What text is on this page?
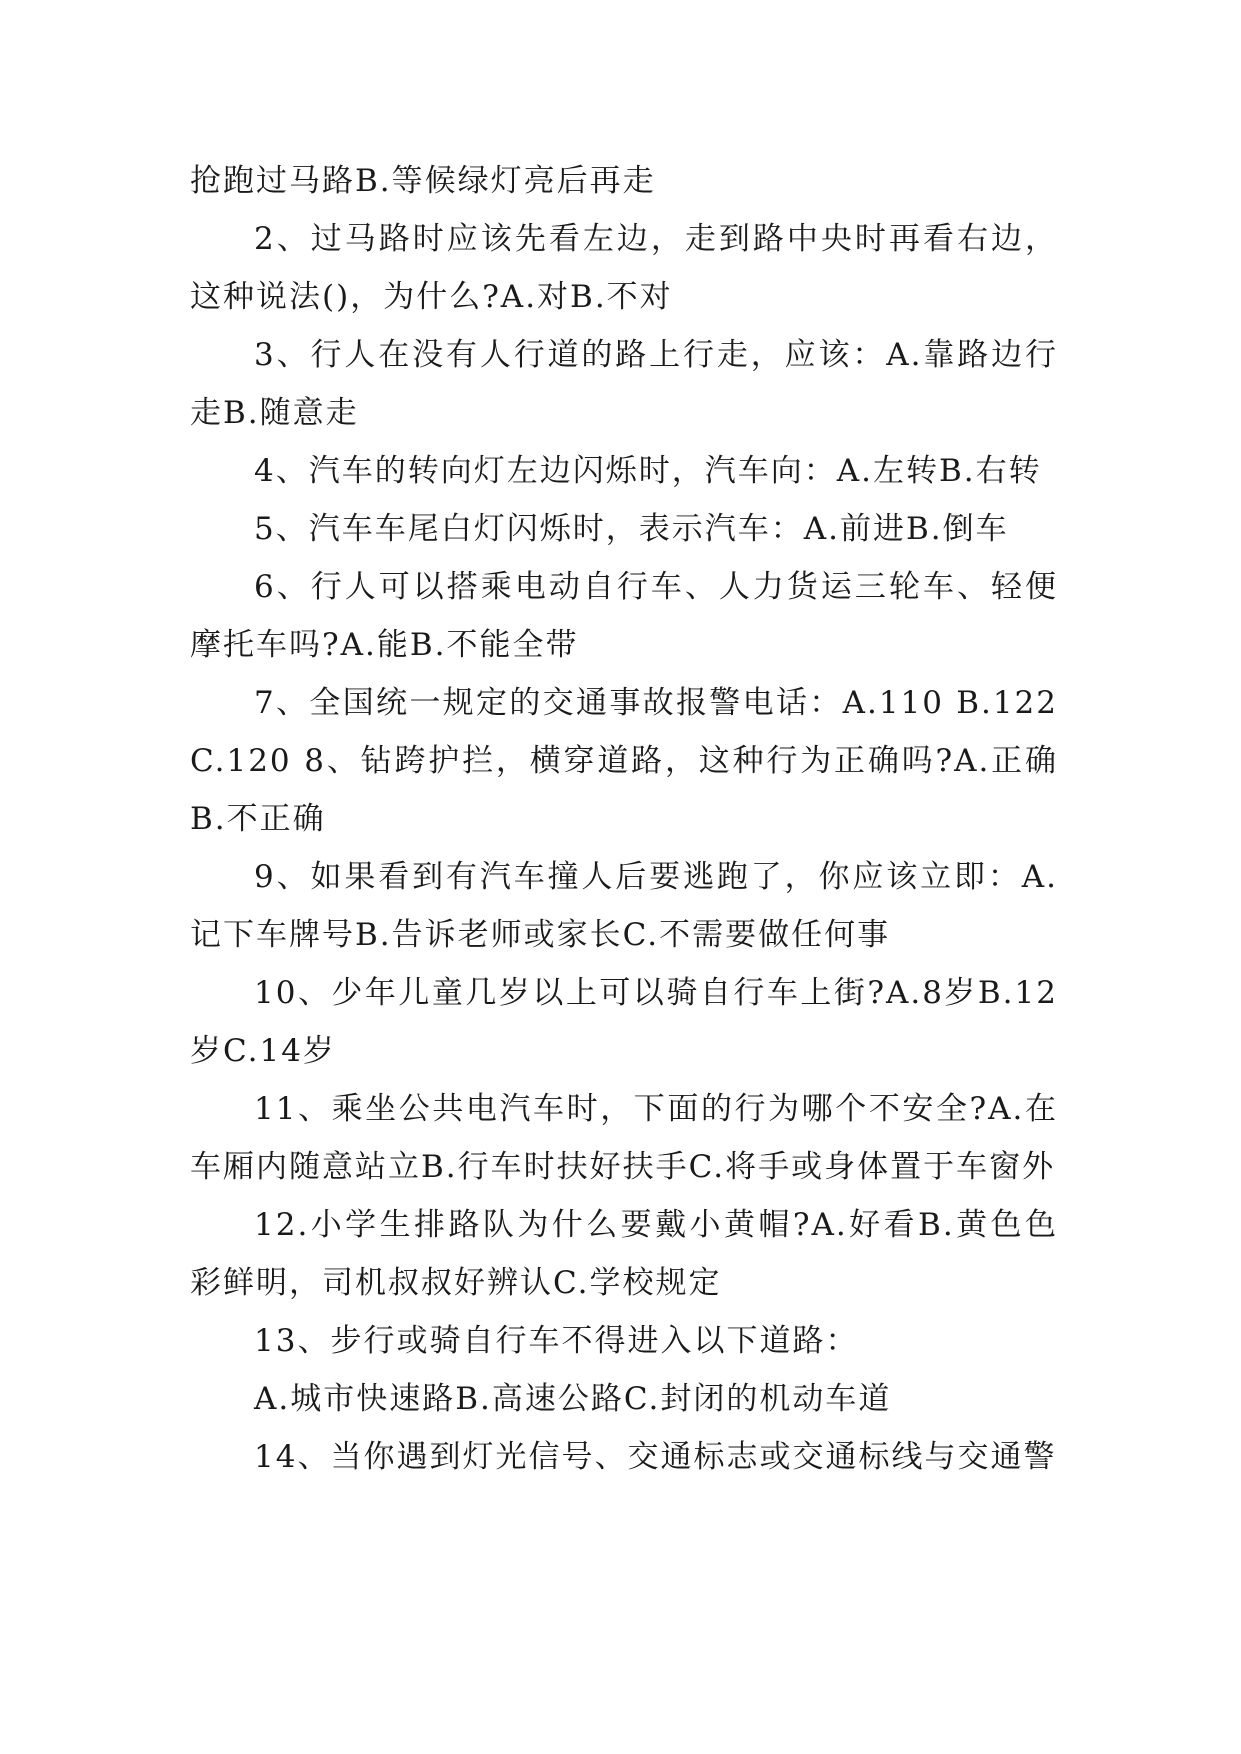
抢跑过马路B.等候绿灯亮后再走

2、过马路时应该先看左边，走到路中央时再看右边，这种说法()，为什么?A.对B.不对

3、行人在没有人行道的路上行走，应该：A.靠路边行走B.随意走

4、汽车的转向灯左边闪烁时，汽车向：A.左转B.右转

5、汽车车尾白灯闪烁时，表示汽车：A.前进B.倒车

6、行人可以搭乘电动自行车、人力货运三轮车、轻便摩托车吗?A.能B.不能全带

7、全国统一规定的交通事故报警电话：A.110 B.122 C.120 8、钻跨护拦，横穿道路，这种行为正确吗?A.正确B.不正确

9、如果看到有汽车撞人后要逃跑了，你应该立即：A.记下车牌号B.告诉老师或家长C.不需要做任何事

10、少年儿童几岁以上可以骑自行车上街?A.8岁B.12岁C.14岁

11、乘坐公共电汽车时，下面的行为哪个不安全?A.在车厢内随意站立B.行车时扶好扶手C.将手或身体置于车窗外

12.小学生排路队为什么要戴小黄帽?A.好看B.黄色色彩鲜明，司机叔叔好辨认C.学校规定

13、步行或骑自行车不得进入以下道路：

A.城市快速路B.高速公路C.封闭的机动车道

14、当你遇到灯光信号、交通标志或交通标线与交通警
